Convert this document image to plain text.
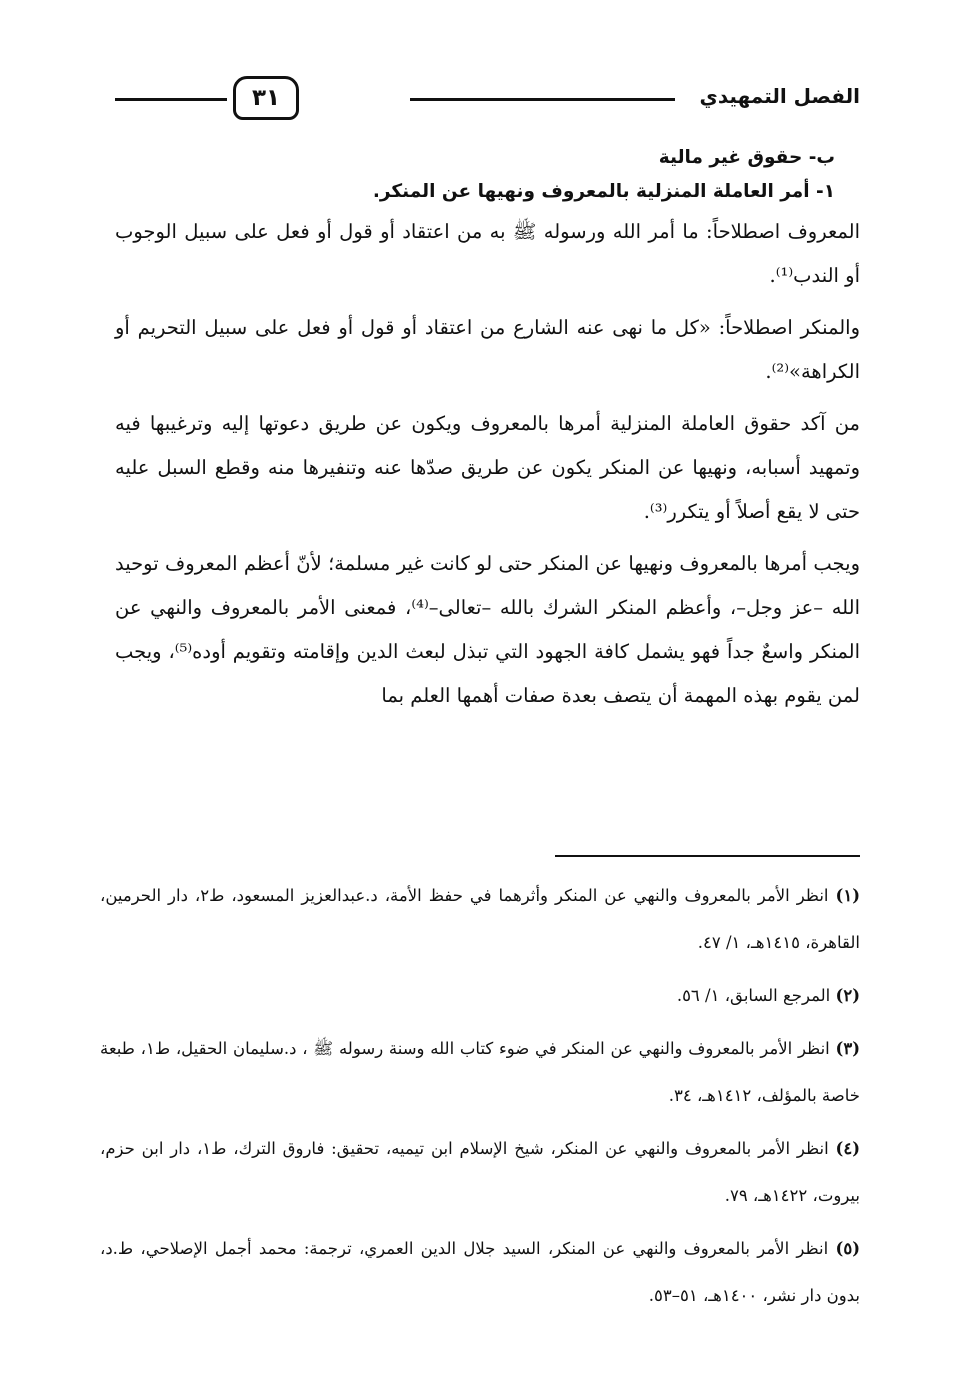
الفصل التمهيدي
٣١

ب- حقوق غير مالية

١- أمر العاملة المنزلية بالمعروف ونهيها عن المنكر.

المعروف اصطلاحاً: ما أمر الله ورسوله ﷺ به من اعتقاد أو قول أو فعل على سبيل الوجوب أو الندب⁽¹⁾.

والمنكر اصطلاحاً: «كل ما نهى عنه الشارع من اعتقاد أو قول أو فعل على سبيل التحريم أو الكراهة»⁽²⁾.

من آكد حقوق العاملة المنزلية أمرها بالمعروف ويكون عن طريق دعوتها إليه وترغيبها فيه وتمهيد أسبابه، ونهيها عن المنكر يكون عن طريق صدّها عنه وتنفيرها منه وقطع السبل عليه حتى لا يقع أصلاً أو يتكرر⁽³⁾.

ويجب أمرها بالمعروف ونهيها عن المنكر حتى لو كانت غير مسلمة؛ لأنّ أعظم المعروف توحيد الله –عز وجل–، وأعظم المنكر الشرك بالله –تعالى–⁽⁴⁾، فمعنى الأمر بالمعروف والنهي عن المنكر واسعٌ جداً فهو يشمل كافة الجهود التي تبذل لبعث الدين وإقامته وتقويم أوده⁽⁵⁾، ويجب لمن يقوم بهذه المهمة أن يتصف بعدة صفات أهمها العلم بما

(١) انظر الأمر بالمعروف والنهي عن المنكر وأثرهما في حفظ الأمة، د.عبدالعزيز المسعود، ط٢، دار الحرمين، القاهرة، ١٤١٥هـ، ١/ ٤٧.

(٢) المرجع السابق، ١/ ٥٦.

(٣) انظر الأمر بالمعروف والنهي عن المنكر في ضوء كتاب الله وسنة رسوله ﷺ ، د.سليمان الحقيل، ط١، طبعة خاصة بالمؤلف، ١٤١٢هـ، ٣٤.

(٤) انظر الأمر بالمعروف والنهي عن المنكر، شيخ الإسلام ابن تيميه، تحقيق: فاروق الترك، ط١، دار ابن حزم، بيروت، ١٤٢٢هـ، ٧٩.

(٥) انظر الأمر بالمعروف والنهي عن المنكر، السيد جلال الدين العمري، ترجمة: محمد أجمل الإصلاحي، ط.د، بدون دار نشر، ١٤٠٠هـ، ٥١–٥٣.
